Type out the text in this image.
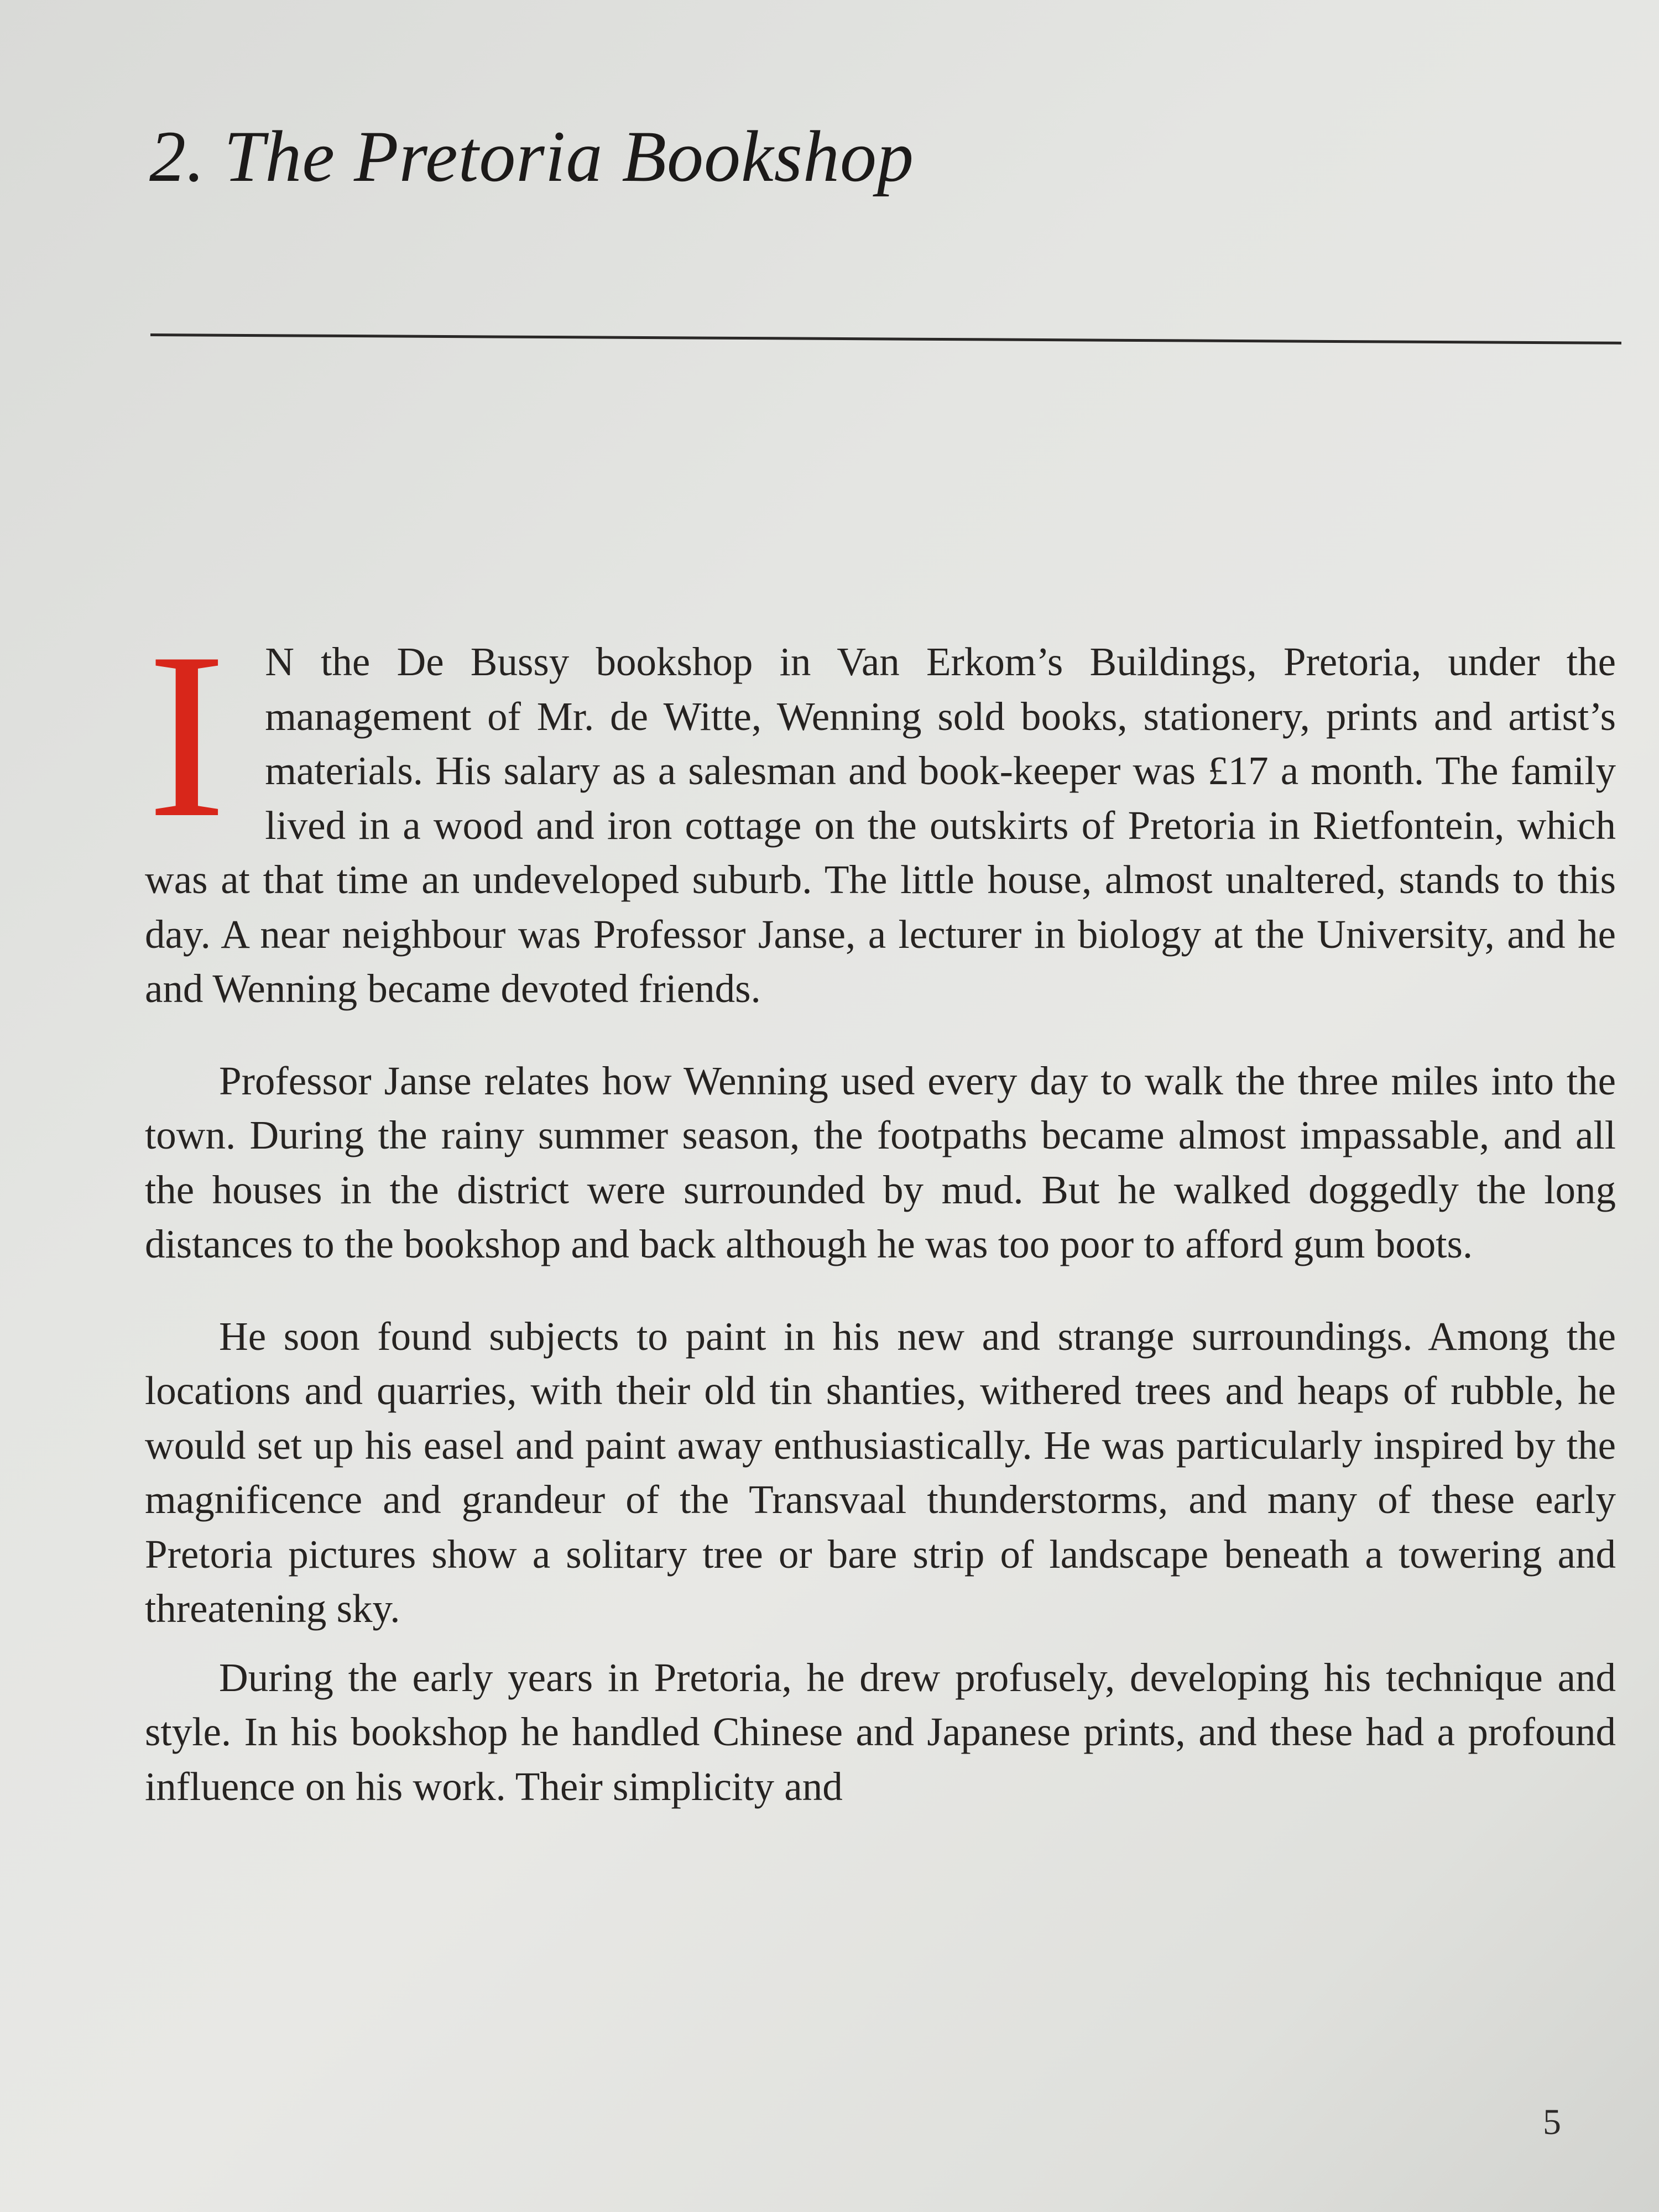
2. The Pretoria Bookshop

I N the De Bussy bookshop in Van Erkom’s Buildings, Pretoria, under the management of Mr. de Witte, Wenning sold books, stationery, prints and artist’s materials. His salary as a salesman and book-keeper was £17 a month. The family lived in a wood and iron cottage on the outskirts of Pretoria in Rietfontein, which was at that time an undeveloped suburb. The little house, almost unaltered, stands to this day. A near neighbour was Professor Janse, a lecturer in biology at the University, and he and Wenning became devoted friends.

Professor Janse relates how Wenning used every day to walk the three miles into the town. During the rainy summer season, the footpaths became almost impassable, and all the houses in the district were surrounded by mud. But he walked doggedly the long distances to the bookshop and back although he was too poor to afford gum boots.

He soon found subjects to paint in his new and strange surroundings. Among the locations and quarries, with their old tin shanties, withered trees and heaps of rubble, he would set up his easel and paint away enthusiastically. He was particularly inspired by the magnificence and grandeur of the Transvaal thunderstorms, and many of these early Pretoria pictures show a solitary tree or bare strip of landscape beneath a towering and threatening sky.

During the early years in Pretoria, he drew profusely, developing his technique and style. In his bookshop he handled Chinese and Japanese prints, and these had a profound influence on his work. Their simplicity and

5
